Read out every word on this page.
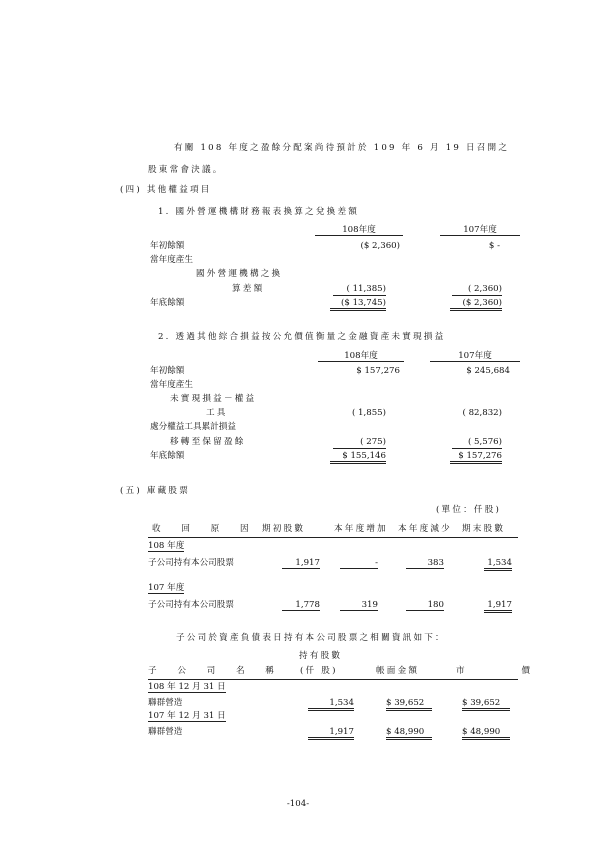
有關 108 年度之盈餘分配案尚待預計於 109 年 6 月 19 日召開之
股東常會決議。
(四) 其他權益項目
1. 國外營運機構財務報表換算之兌換差額
108年度	107年度
年初餘額	($ 2,360)	$ -
當年度產生
國外營運機構之換
算差額	( 11,385)	( 2,360)
年底餘額	($ 13,745)	($ 2,360)
2. 透過其他綜合損益按公允價值衡量之金融資產未實現損益
108年度	107年度
年初餘額	$ 157,276	$ 245,684
當年度產生
未實現損益－權益
工具	( 1,855)	( 82,832)
處分權益工具累計損益
移轉至保留盈餘	( 275)	( 5,576)
年底餘額	$ 155,146	$ 157,276
(五) 庫藏股票
(單位：仟股)
收 回 原 因 期初股數	本年度增加 本年度減少 期末股數
108 年度
子公司持有本公司股票	1,917	-	383	1,534
107 年度
子公司持有本公司股票	1,778	319	180	1,917
子公司於資產負債表日持有本公司股票之相關資訊如下：
持有股數
子 公 司 名 稱	(仟 股)	帳面金額	市 價
108 年 12 月 31 日
聯群營造	1,534	$ 39,652	$ 39,652
107 年 12 月 31 日
聯群營造	1,917	$ 48,990	$ 48,990
-104-
